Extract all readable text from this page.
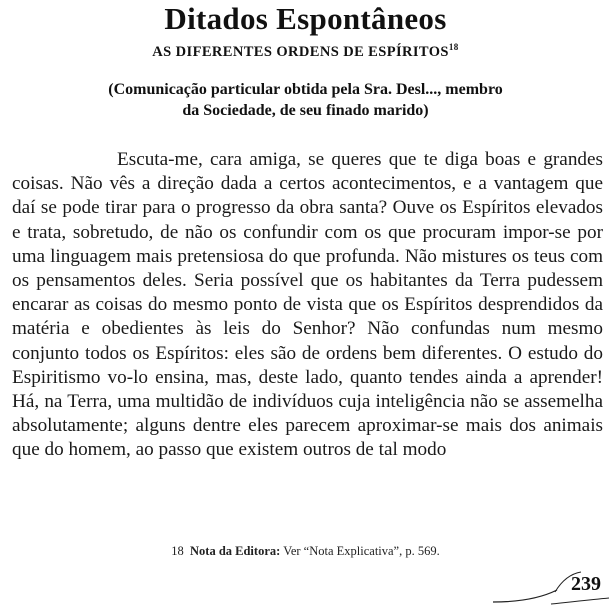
Ditados Espontâneos
AS DIFERENTES ORDENS DE ESPÍRITOS$^{18}$
(Comunicação particular obtida pela Sra. Desl..., membro
da Sociedade, de seu finado marido)

Escuta-me, cara amiga, se queres que te diga boas e grandes coisas. Não vês a direção dada a certos acontecimentos, e a vantagem que daí se pode tirar para o progresso da obra santa? Ouve os Espíritos elevados e trata, sobretudo, de não os confundir com os que procuram impor-se por uma linguagem mais pretensiosa do que profunda. Não mistures os teus com os pensamentos deles. Seria possível que os habitantes da Terra pudessem encarar as coisas do mesmo ponto de vista que os Espíritos desprendidos da matéria e obedientes às leis do Senhor? Não confundas num mesmo conjunto todos os Espíritos: eles são de ordens bem diferentes. O estudo do Espiritismo vo-lo ensina, mas, deste lado, quanto tendes ainda a aprender! Há, na Terra, uma multidão de indivíduos cuja inteligência não se assemelha absolutamente; alguns dentre eles parecem aproximar-se mais dos animais que do homem, ao passo que existem outros de tal modo

18 Nota da Editora: Ver “Nota Explicativa”, p. 569.
239
